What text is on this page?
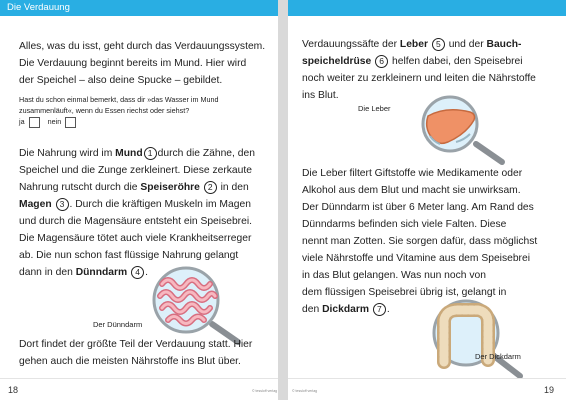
Die Verdauung
Alles, was du isst, geht durch das Verdauungssystem.
Die Verdauung beginnt bereits im Mund. Hier wird
der Speichel – also deine Spucke – gebildet.
Hast du schon einmal bemerkt, dass dir »das Wasser im Mund
zusammenläuft«, wenn du Essen riechst oder siehst?
ja	nein
Die Nahrung wird im Mund 1 durch die Zähne, den
Speichel und die Zunge zerkleinert. Diese zerkaute
Nahrung rutscht durch die Speiseröhre 2 in den
Magen 3 . Durch die kräftigen Muskeln im Magen
und durch die Magensäure entsteht ein Speisebrei.
Die Magensäure tötet auch viele Krankheitserreger
ab. Die nun schon fast flüssige Nahrung gelangt
dann in den Dünndarm 4 .
Der Dünndarm
Dort findet der größte Teil der Verdauung statt. Hier
gehen auch die meisten Nährstoffe ins Blut über.
18	© tessloff verlag
Verdauungssäfte der Leber 5 und der Bauch-
speicheldrüse 6 helfen dabei, den Speisebrei
noch weiter zu zerkleinern und leiten die Nährstoffe
ins Blut.
Die Leber
Die Leber filtert Giftstoffe wie Medikamente oder
Alkohol aus dem Blut und macht sie unwirksam.
Der Dünndarm ist über 6 Meter lang. Am Rand des
Dünndarms befinden sich viele Falten. Diese
nennt man Zotten. Sie sorgen dafür, dass möglichst
viele Nährstoffe und Vitamine aus dem Speisebrei
in das Blut gelangen. Was nun noch von
dem flüssigen Speisebrei übrig ist, gelangt in
den Dickdarm 7 .
Der Dickdarm
© tessloff verlag	19
